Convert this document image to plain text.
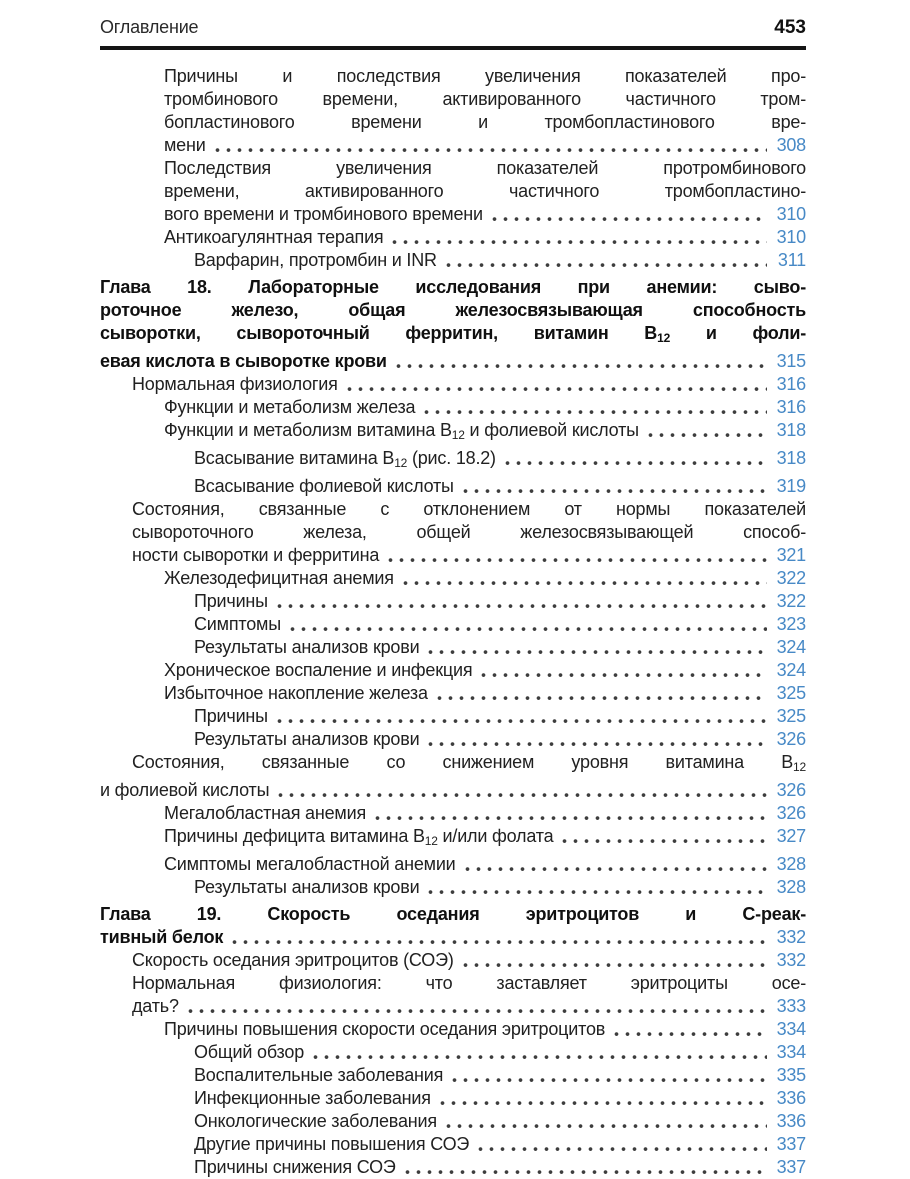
Оглавление	453
Причины и последствия увеличения показателей про-
тромбинового времени, активированного частичного тром-
бопластинового времени и тромбопластинового вре-
мени	308
Последствия увеличения показателей протромбинового
времени, активированного частичного тромбопластино-
вого времени и тромбинового времени	310
Антикоагулянтная терапия	310
Варфарин, протромбин и INR	311
Глава 18. Лабораторные исследования при анемии: сыво-
роточное железо, общая железосвязывающая способность
сыворотки, сывороточный ферритин, витамин $B_{12}$ и фоли-
евая кислота в сыворотке крови	315
Нормальная физиология	316
Функции и метаболизм железа	316
Функции и метаболизм витамина $B_{12}$ и фолиевой кислоты	318
Всасывание витамина $B_{12}$ (рис. 18.2)	318
Всасывание фолиевой кислоты	319
Состояния, связанные с отклонением от нормы показателей
сывороточного железа, общей железосвязывающей способ-
ности сыворотки и ферритина	321
Железодефицитная анемия	322
Причины	322
Симптомы	323
Результаты анализов крови	324
Хроническое воспаление и инфекция	324
Избыточное накопление железа	325
Причины	325
Результаты анализов крови	326
Состояния, связанные со снижением уровня витамина $B_{12}$
и фолиевой кислоты	326
Мегалобластная анемия	326
Причины дефицита витамина $B_{12}$ и/или фолата	327
Симптомы мегалобластной анемии	328
Результаты анализов крови	328
Глава 19. Скорость оседания эритроцитов и С-реак-
тивный белок	332
Скорость оседания эритроцитов (СОЭ)	332
Нормальная физиология: что заставляет эритроциты осе-
дать?	333
Причины повышения скорости оседания эритроцитов	334
Общий обзор	334
Воспалительные заболевания	335
Инфекционные заболевания	336
Онкологические заболевания	336
Другие причины повышения СОЭ	337
Причины снижения СОЭ	337
